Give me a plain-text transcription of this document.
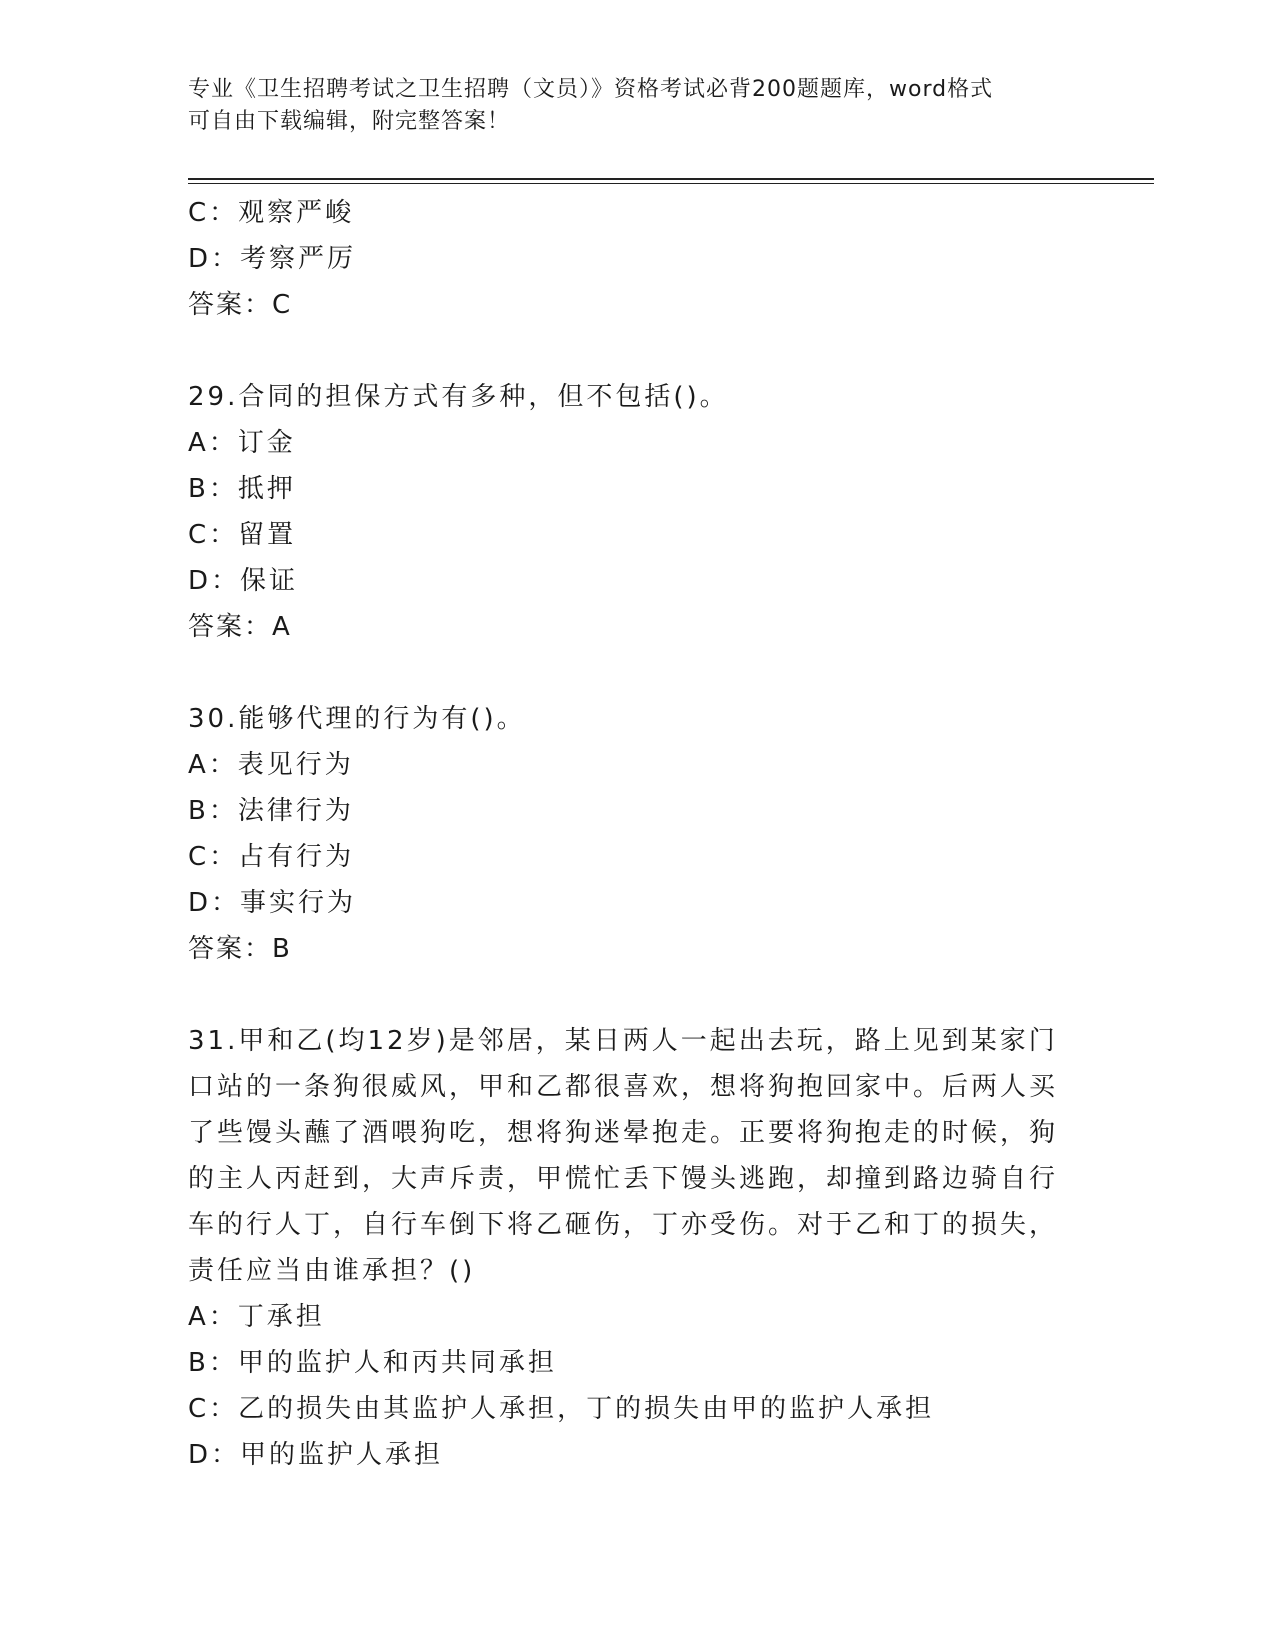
专业《卫生招聘考试之卫生招聘（文员）》资格考试必背200题题库，word格式
可自由下载编辑，附完整答案！
C：观察严峻
D：考察严厉
答案：C
29.合同的担保方式有多种，但不包括()。
A：订金
B：抵押
C：留置
D：保证
答案：A
30.能够代理的行为有()。
A：表见行为
B：法律行为
C：占有行为
D：事实行为
答案：B
31.甲和乙(均12岁)是邻居，某日两人一起出去玩，路上见到某家门
口站的一条狗很威风，甲和乙都很喜欢，想将狗抱回家中。后两人买
了些馒头蘸了酒喂狗吃，想将狗迷晕抱走。正要将狗抱走的时候，狗
的主人丙赶到，大声斥责，甲慌忙丢下馒头逃跑，却撞到路边骑自行
车的行人丁，自行车倒下将乙砸伤，丁亦受伤。对于乙和丁的损失，
责任应当由谁承担？()
A：丁承担
B：甲的监护人和丙共同承担
C：乙的损失由其监护人承担，丁的损失由甲的监护人承担
D：甲的监护人承担
